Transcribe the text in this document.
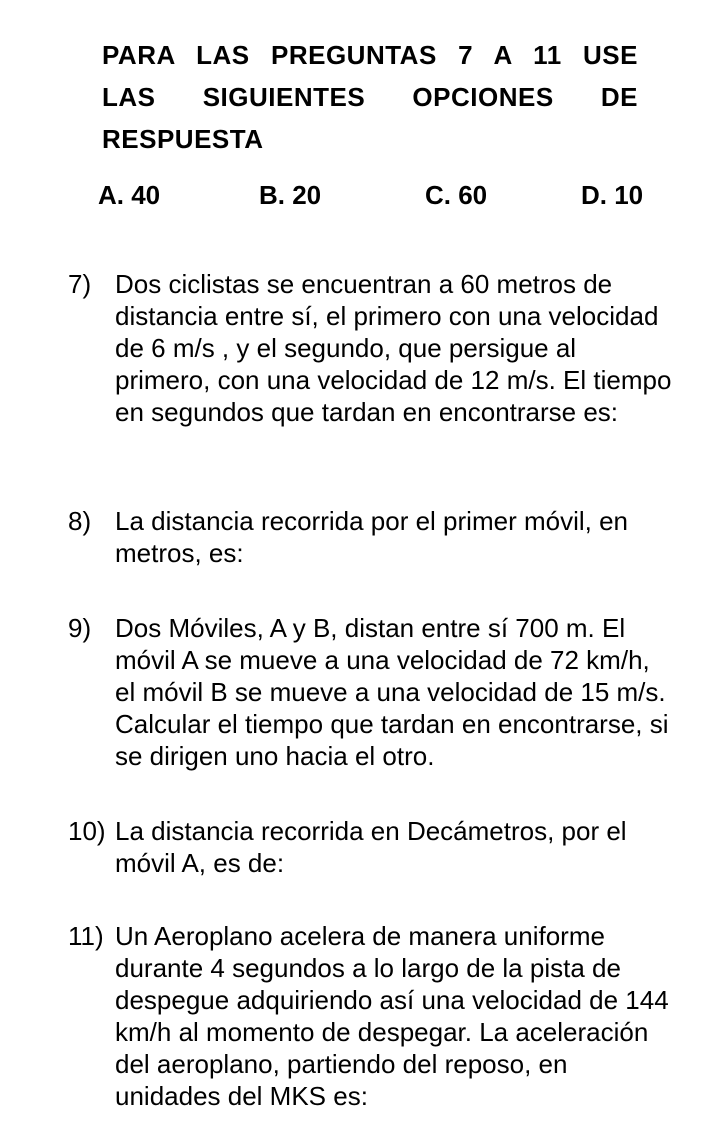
PARA LAS PREGUNTAS 7 A 11 USE LAS SIGUIENTES OPCIONES DE RESPUESTA
A. 40	B. 20	C. 60	D. 10
7) Dos ciclistas se encuentran a 60 metros de distancia entre sí, el primero con una velocidad de 6 m/s , y el segundo, que persigue al primero, con una velocidad de 12 m/s. El tiempo en segundos que tardan en encontrarse es:
8) La distancia recorrida por el primer móvil, en metros, es:
9) Dos Móviles, A y B, distan entre sí 700 m. El móvil A se mueve a una velocidad de 72 km/h, el móvil B se mueve a una velocidad de 15 m/s. Calcular el tiempo que tardan en encontrarse, si se dirigen uno hacia el otro.
10) La distancia recorrida en Decámetros, por el móvil A, es de:
11) Un Aeroplano acelera de manera uniforme durante 4 segundos a lo largo de la pista de despegue adquiriendo así una velocidad de 144 km/h al momento de despegar. La aceleración del aeroplano, partiendo del reposo, en unidades del MKS es:
